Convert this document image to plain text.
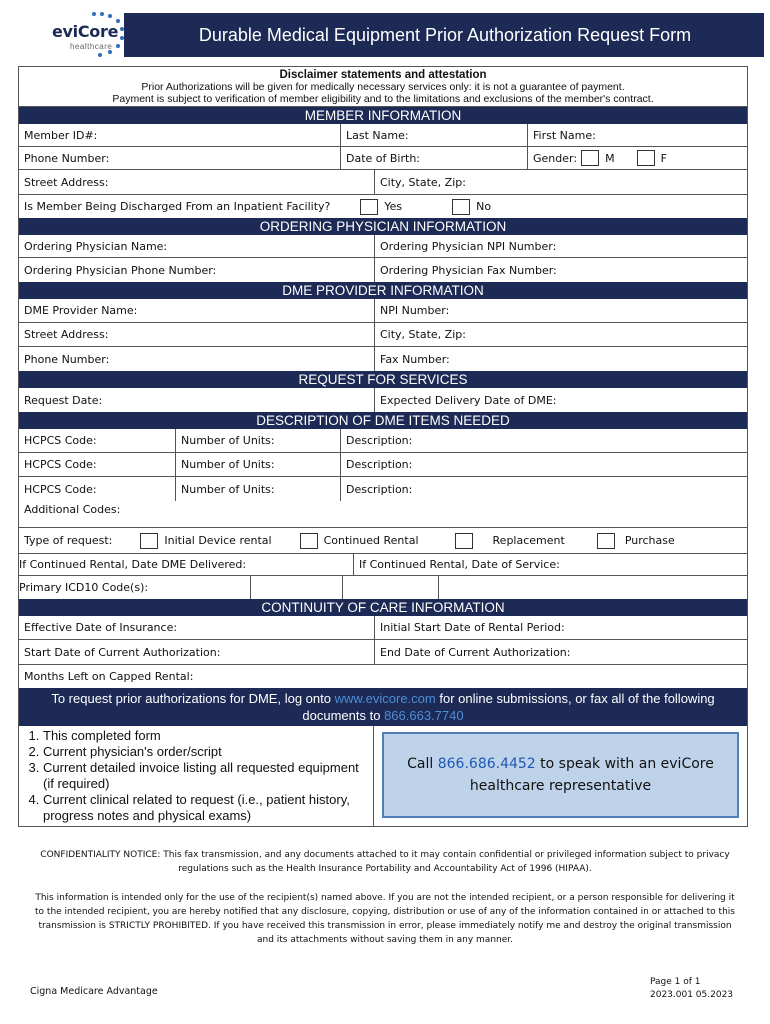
eviCore
healthcare
Durable Medical Equipment Prior Authorization Request Form
Disclaimer statements and attestation
Prior Authorizations will be given for medically necessary services only: it is not a guarantee of payment.
Payment is subject to verification of member eligibility and to the limitations and exclusions of the member's contract.
MEMBER INFORMATION
Member ID#:	Last Name:	First Name:
Phone Number:	Date of Birth:	Gender:	M	F
Street Address:	City, State, Zip:
Is Member Being Discharged From an Inpatient Facility?	Yes	No
ORDERING PHYSICIAN INFORMATION
Ordering Physician Name:	Ordering Physician NPI Number:
Ordering Physician Phone Number:	Ordering Physician Fax Number:
DME PROVIDER INFORMATION
DME Provider Name:	NPI Number:
Street Address:	City, State, Zip:
Phone Number:	Fax Number:
REQUEST FOR SERVICES
Request Date:	Expected Delivery Date of DME:
DESCRIPTION OF DME ITEMS NEEDED
HCPCS Code:	Number of Units:	Description:
HCPCS Code:	Number of Units:	Description:
HCPCS Code:	Number of Units:	Description:
Additional Codes:
Type of request:	Initial Device rental	Continued Rental	Replacement	Purchase
If Continued Rental, Date DME Delivered:	If Continued Rental, Date of Service:
Primary ICD10 Code(s):
CONTINUITY OF CARE INFORMATION
Effective Date of Insurance:	Initial Start Date of Rental Period:
Start Date of Current Authorization:	End Date of Current Authorization:
Months Left on Capped Rental:
To request prior authorizations for DME, log onto www.evicore.com for online submissions, or fax all of the following documents to 866.663.7740
1. This completed form
2. Current physician's order/script
3. Current detailed invoice listing all requested equipment (if required)
4. Current clinical related to request (i.e., patient history, progress notes and physical exams)
Call 866.686.4452 to speak with an eviCore healthcare representative
CONFIDENTIALITY NOTICE: This fax transmission, and any documents attached to it may contain confidential or privileged information subject to privacy regulations such as the Health Insurance Portability and Accountability Act of 1996 (HIPAA).
This information is intended only for the use of the recipient(s) named above. If you are not the intended recipient, or a person responsible for delivering it to the intended recipient, you are hereby notified that any disclosure, copying, distribution or use of any of the information contained in or attached to this transmission is STRICTLY PROHIBITED. If you have received this transmission in error, please immediately notify me and destroy the original transmission and its attachments without saving them in any manner.
Cigna Medicare Advantage
Page 1 of 1
2023.001 05.2023
